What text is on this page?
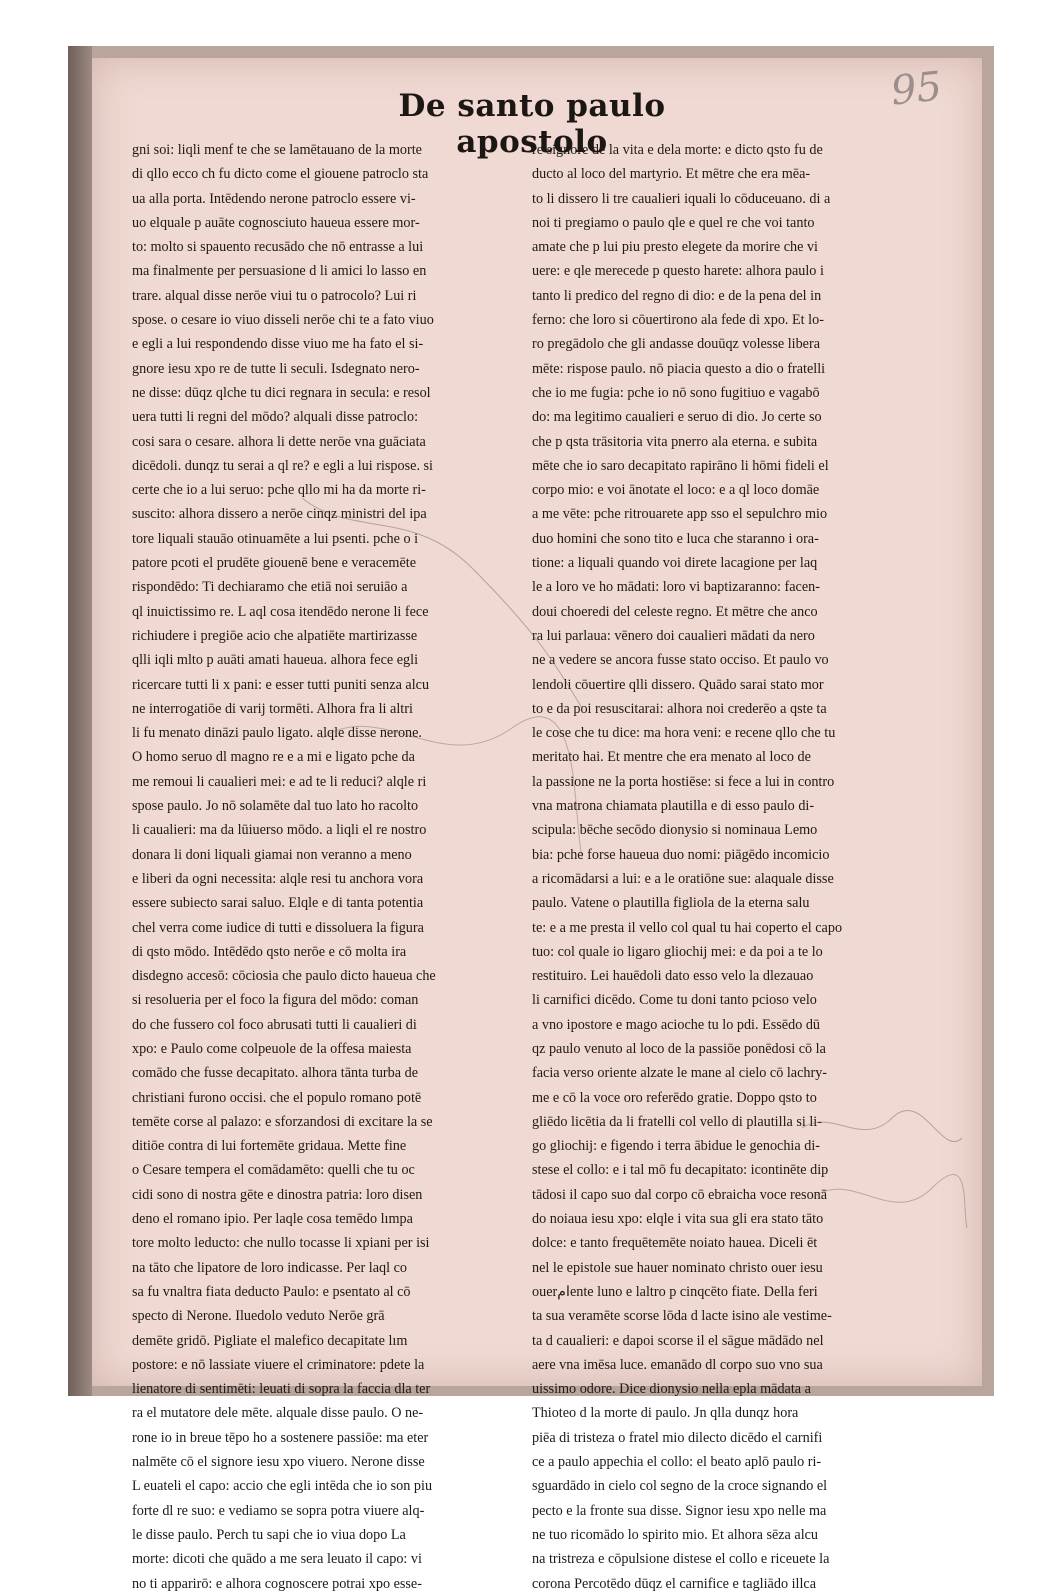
95
De santo paulo apostolo
gni soi: liqli menf te che se lamētauano de la morte
di qllo ecco ch fu dicto come el giouene patroclo sta
ua alla porta. Intēdendo nerone patroclo essere vi-
uo elquale p auāte cognosciuto haueua essere mor-
to: molto si spauento recusādo che nō entrasse a lui
ma finalmente per persuasione d li amici lo lasso en
trare. alqual disse nerōe viui tu o patrocolo? Lui ri
spose. o cesare io viuo disseli nerōe chi te a fato viuo
e egli a lui respondendo disse viuo me ha fato el si-
gnore iesu xpo re de tutte li seculi. Isdegnato nero-
ne disse: dūqz qlche tu dici regnara in secula: e resol
uera tutti li regni del mōdo? alquali disse patroclo:
cosi sara o cesare. alhora li dette nerōe vna guāciata
dicēdoli. dunqz tu serai a ql re? e egli a lui rispose. si
certe che io a lui seruo: pche qllo mi ha da morte ri-
suscito: alhora dissero a nerōe cinqz ministri del ipa
tore liquali stauāo otinuamēte a lui psenti. pche o i
patore pcoti el prudēte giouenē bene e veracemēte
rispondēdo: Ti dechiaramo che etiā noi seruiāo a
ql inuictissimo re. L aql cosa itendēdo nerone li fece
richiudere i pregiōe acio che alpatiēte martirizasse
qlli iqli mlto p auāti amati haueua. alhora fece egli
ricercare tutti li x pani: e esser tutti puniti senza alcu
ne interrogatiōe di varij tormēti. Alhora fra li altri
li fu menato dināzi paulo ligato. alqle disse nerone.
O homo seruo dl magno re e a mi e ligato pche da
me remoui li caualieri mei: e ad te li reduci? alqle ri
spose paulo. Jo nō solamēte dal tuo lato ho racolto
li caualieri: ma da lūiuerso mōdo. a liqli el re nostro
donara li doni liquali giamai non veranno a meno
e liberi da ogni necessita: alqle resi tu anchora vora
essere subiecto sarai saluo. Elqle e di tanta potentia
chel verra come iudice di tutti e dissoluera la figura
di qsto mōdo. Intēdēdo qsto nerōe e cō molta ira
disdegno accesō: cōciosia che paulo dicto haueua che
si resolueria per el foco la figura del mōdo: coman
do che fussero col foco abrusati tutti li caualieri di
xpo: e Paulo come colpeuole de la offesa maiesta
comādo che fusse decapitato. alhora tānta turba de
christiani furono occisi. che el populo romano potē
temēte corse al palazo: e sforzandosi di excitare la se
ditiōe contra di lui fortemēte gridaua. Mette fine
o Cesare tempera el comādamēto: quelli che tu oc
cidi sono di nostra gēte e dinostra patria: loro disen
deno el romano ipio. Per laqle cosa temēdo lımpa
tore molto leducto: che nullo tocasse li xpiani per isi
na tāto che lipatore de loro indicasse. Per laql co
sa fu vnaltra fiata deducto Paulo: e psentato al cō
specto di Nerone. Iluedolo veduto Nerōe grā
demēte gridō. Pigliate el malefico decapitate lım
postore: e nō lassiate viuere el criminatore: pdete la
lienatore di sentimēti: leuati di sopra la faccia dla ter
ra el mutatore dele mēte. alquale disse paulo. O ne-
rone io in breue tēpo ho a sostenere passiōe: ma eter
nalmēte cō el signore iesu xpo viuero. Nerone disse
L euateli el capo: accio che egli intēda che io son piu
forte dl re suo: e vediamo se sopra potra viuere alq-
le disse paulo. Perch tu sapi che io viua dopo La
morte: dicoti che quādo a me sera leuato il capo: vi
no ti apparirō: e alhora cognoscere potrai xpo esse-
re signore de la vita e dela morte: e dicto qsto fu de
ducto al loco del martyrio. Et mētre che era mēa-
to li dissero li tre caualieri iquali lo cōduceuano. di a
noi ti pregiamo o paulo qle e quel re che voi tanto
amate che p lui piu presto elegete da morire che vi
uere: e qle merecede p questo harete: alhora paulo i
tanto li predico del regno di dio: e de la pena del in
ferno: che loro si cōuertirono ala fede di xpo. Et lo-
ro pregādolo che gli andasse douūqz volesse libera
mēte: rispose paulo. nō piacia questo a dio o fratelli
che io me fugia: pche io nō sono fugitiuo e vagabō
do: ma legitimo caualieri e seruo di dio. Jo certe so
che p qsta trāsitoria vita pnerro ala eterna. e subita
mēte che io saro decapitato rapirāno li hōmi fideli el
corpo mio: e voi ānotate el loco: e a ql loco domāe
a me vēte: pche ritrouarete app sso el sepulchro mio
duo homini che sono tito e luca che staranno i ora-
tione: a liquali quando voi direte lacagione per laq
le a loro ve ho mādati: loro vi baptizaranno: facen-
doui choeredi del celeste regno. Et mētre che anco
ra lui parlaua: vēnero doi caualieri mādati da nero
ne a vedere se ancora fusse stato occiso. Et paulo vo
lendoli cōuertire qlli dissero. Quādo sarai stato mor
to e da poi resuscitarai: alhora noi crederēo a qste ta
le cose che tu dice: ma hora veni: e recene qllo che tu
meritato hai. Et mentre che era menato al loco de
la passione ne la porta hostiēse: si fece a lui in contro
vna matrona chiamata plautilla e di esso paulo di-
scipula: bēche secōdo dionysio si nominaua Lemo
bia: pche forse haueua duo nomi: piāgēdo incomicio
a ricomādarsi a lui: e a le oratiōne sue: alaquale disse
paulo. Vatene o plautilla figliola de la eterna salu
te: e a me presta il vello col qual tu hai coperto el capo
tuo: col quale io ligaro gliochij mei: e da poi a te lo
restituiro. Lei hauēdoli dato esso velo la dlezauao
li carnifici dicēdo. Come tu doni tanto pcioso velo
a vno ipostore e mago acioche tu lo pdi. Essēdo dū
qz paulo venuto al loco de la passiōe ponēdosi cō la
facia verso oriente alzate le mane al cielo cō lachry-
me e cō la voce oro referēdo gratie. Doppo qsto to
gliēdo licētia da li fratelli col vello di plautilla si li-
go gliochij: e figendo i terra ābidue le genochia di-
stese el collo: e i tal mō fu decapitato: icontinēte dip
tādosi il capo suo dal corpo cō ebraicha voce resonā
do noiaua iesu xpo: elqle i vita sua gli era stato tāto
dolce: e tanto frequētemēte noiato hauea. Diceli ēt
nel le epistole sue hauer nominato christo ouer iesu
ouerامente luno e laltro p cinqcēto fiate. Della feri
ta sua veramēte scorse lōda d lacte isino ale vestime-
ta d caualieri: e dapoi scorse il el sāgue mādādo nel
aere vna imēsa luce. emanādo dl corpo suo vno sua
uissimo odore. Dice dionysio nella epla mādata a
Thioteo d la morte di paulo. Jn qlla dunqz hora
piēa di tristeza o fratel mio dilecto dicēdo el carnifi
ce a paulo appechia el collo: el beato aplō paulo ri-
sguardādo in cielo col segno de la croce signando el
pecto e la fronte sua disse. Signor iesu xpo nelle ma
ne tuo ricomādo lo spirito mio. Et alhora sēza alcu
na tristreza e cōpulsione distese el collo e riceuete la
corona Percotēdo dūqz el carnifice e tagliādo illca
